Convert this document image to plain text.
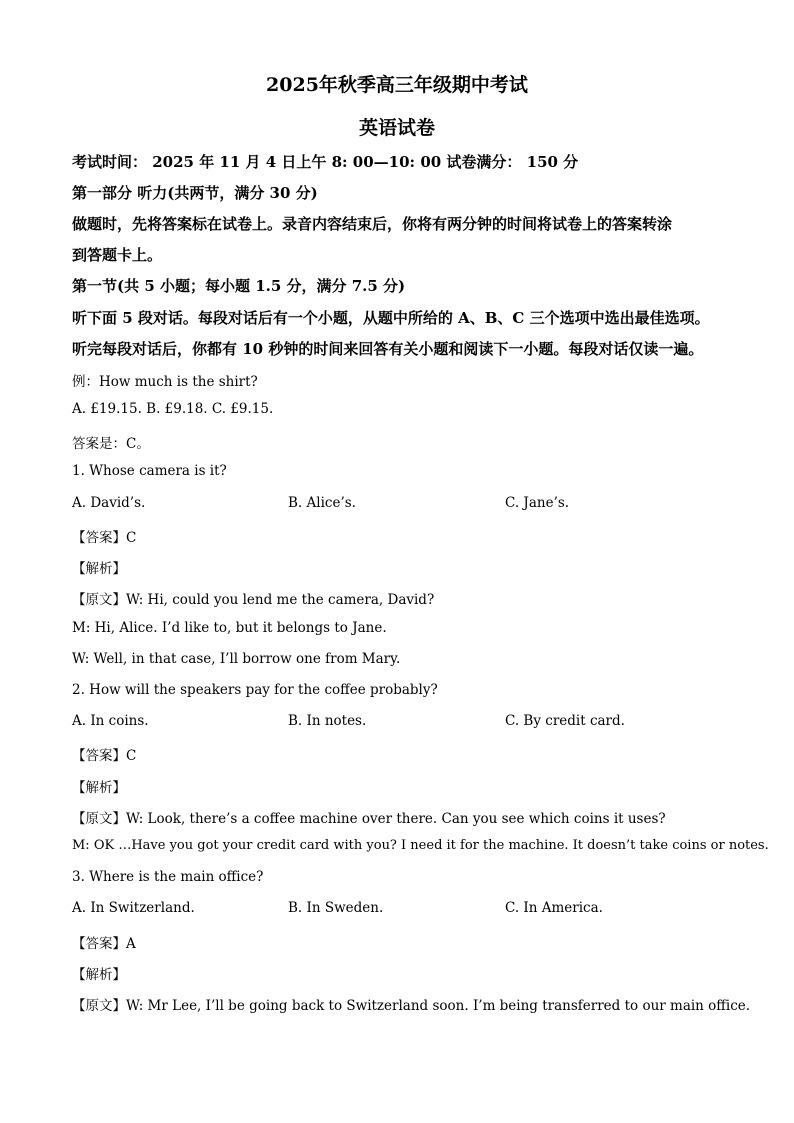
2025年秋季高三年级期中考试
英语试卷
考试时间： 2025 年 11 月 4 日上午 8: 00—10: 00 试卷满分： 150 分
第一部分 听力(共两节，满分 30 分)
做题时，先将答案标在试卷上。录音内容结束后，你将有两分钟的时间将试卷上的答案转涂
到答题卡上。
第一节(共 5 小题；每小题 1.5 分，满分 7.5 分)
听下面 5 段对话。每段对话后有一个小题，从题中所给的 A、B、C 三个选项中选出最佳选项。
听完每段对话后，你都有 10 秒钟的时间来回答有关小题和阅读下一小题。每段对话仅读一遍。
例：How much is the shirt?
A. £19.15. B. £9.18. C. £9.15.
答案是：C。
1. Whose camera is it?
A. David’s.	B. Alice’s.	C. Jane’s.
【答案】C
【解析】
【原文】W: Hi, could you lend me the camera, David?
M: Hi, Alice. I’d like to, but it belongs to Jane.
W: Well, in that case, I’ll borrow one from Mary.
2. How will the speakers pay for the coffee probably?
A. In coins.	B. In notes.	C. By credit card.
【答案】C
【解析】
【原文】W: Look, there’s a coffee machine over there. Can you see which coins it uses?
M: OK …Have you got your credit card with you? I need it for the machine. It doesn’t take coins or notes.
3. Where is the main office?
A. In Switzerland.	B. In Sweden.	C. In America.
【答案】A
【解析】
【原文】W: Mr Lee, I’ll be going back to Switzerland soon. I’m being transferred to our main office.
